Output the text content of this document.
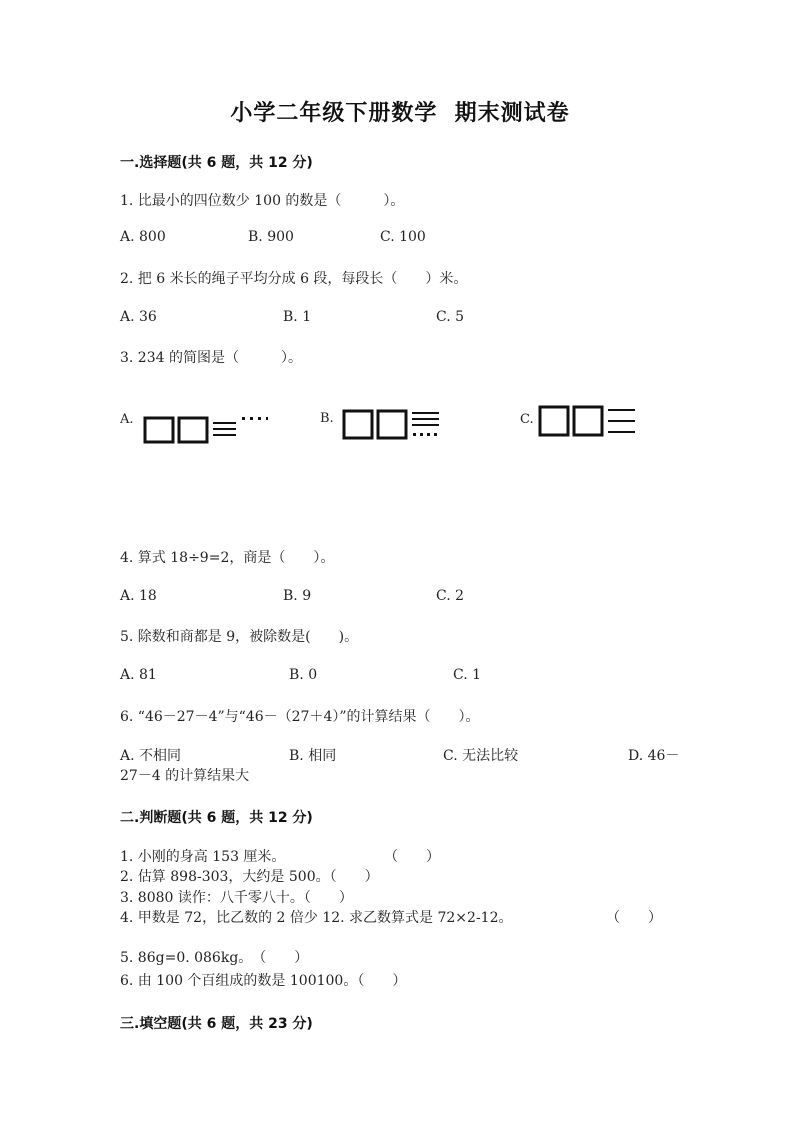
小学二年级下册数学  期末测试卷
一.选择题(共 6 题，共 12 分)
1. 比最小的四位数少 100 的数是（　　　）。
A. 800	B. 900	C. 100
2. 把 6 米长的绳子平均分成 6 段，每段长（　　）米。
A. 36	B. 1	C. 5
3. 234 的简图是（　　　）。
A.	B.	C.
4. 算式 18÷9=2，商是（　　）。
A. 18	B. 9	C. 2
5. 除数和商都是 9，被除数是(　　)。
A. 81	B. 0	C. 1
6. “46－27－4”与“46－（27＋4）”的计算结果（　　）。
A. 不相同	B. 相同	C. 无法比较	D. 46－
27－4 的计算结果大
二.判断题(共 6 题，共 12 分)
1. 小刚的身高 153 厘米。	（　　）
2. 估算 898-303，大约是 500。（　　）
3. 8080 读作：八千零八十。（　　）
4. 甲数是 72，比乙数的 2 倍少 12. 求乙数算式是 72×2-12。	（　　）
5. 86g=0. 086kg。　（　　）
6. 由 100 个百组成的数是 100100。（　　）
三.填空题(共 6 题，共 23 分)
